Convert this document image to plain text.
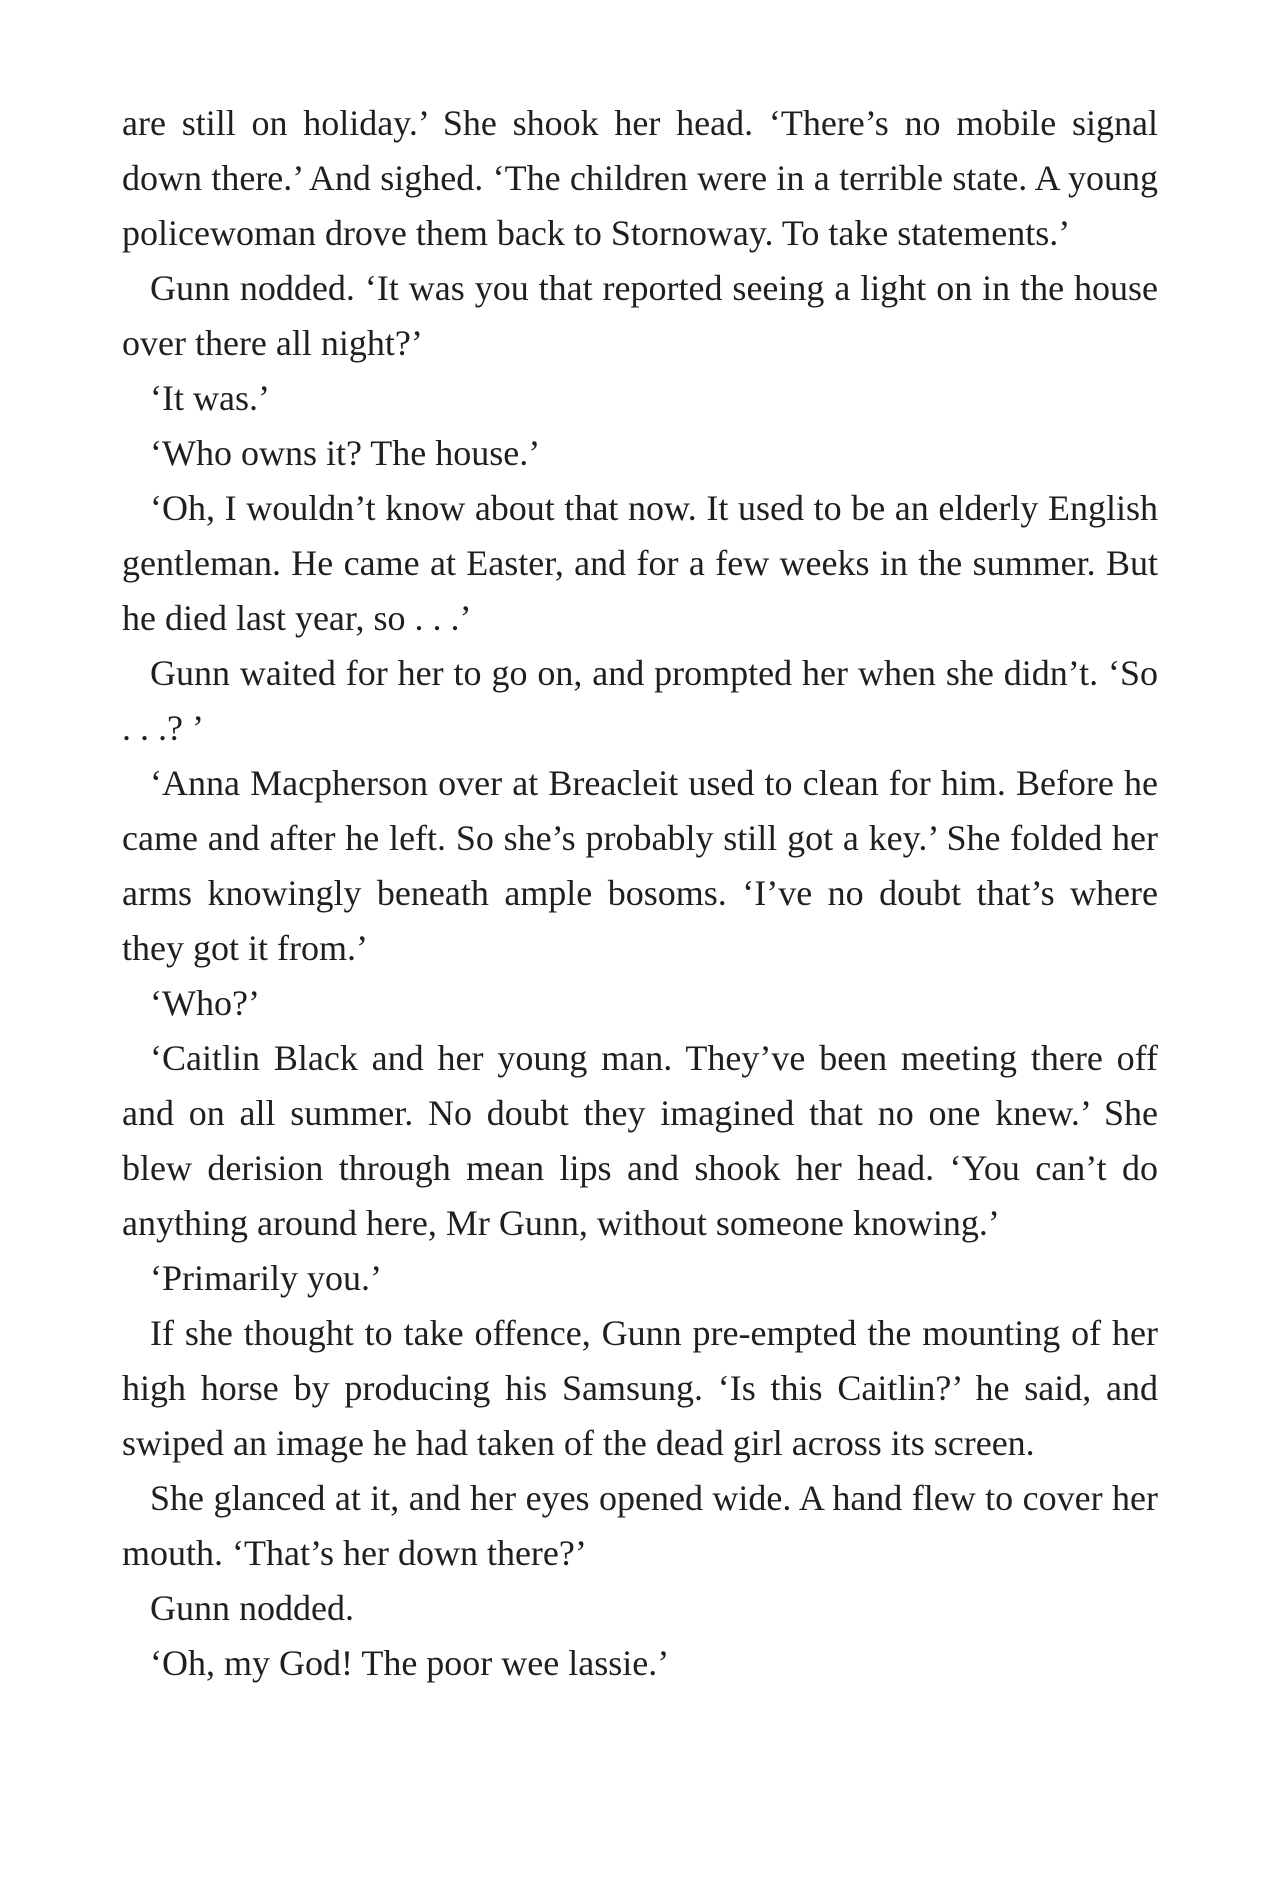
are still on holiday.’ She shook her head. ‘There’s no mobile signal down there.’ And sighed. ‘The children were in a terrible state. A young policewoman drove them back to Stornoway. To take statements.’

Gunn nodded. ‘It was you that reported seeing a light on in the house over there all night?’

‘It was.’

‘Who owns it? The house.’

‘Oh, I wouldn’t know about that now. It used to be an elderly English gentleman. He came at Easter, and for a few weeks in the summer. But he died last year, so . . .’

Gunn waited for her to go on, and prompted her when she didn’t. ‘So . . .? ’

‘Anna Macpherson over at Breacleit used to clean for him. Before he came and after he left. So she’s probably still got a key.’ She folded her arms knowingly beneath ample bosoms. ‘I’ve no doubt that’s where they got it from.’

‘Who?’

‘Caitlin Black and her young man. They’ve been meeting there off and on all summer. No doubt they imagined that no one knew.’ She blew derision through mean lips and shook her head. ‘You can’t do anything around here, Mr Gunn, without someone knowing.’

‘Primarily you.’

If she thought to take offence, Gunn pre-empted the mounting of her high horse by producing his Samsung. ‘Is this Caitlin?’ he said, and swiped an image he had taken of the dead girl across its screen.

She glanced at it, and her eyes opened wide. A hand flew to cover her mouth. ‘That’s her down there?’

Gunn nodded.

‘Oh, my God! The poor wee lassie.’
